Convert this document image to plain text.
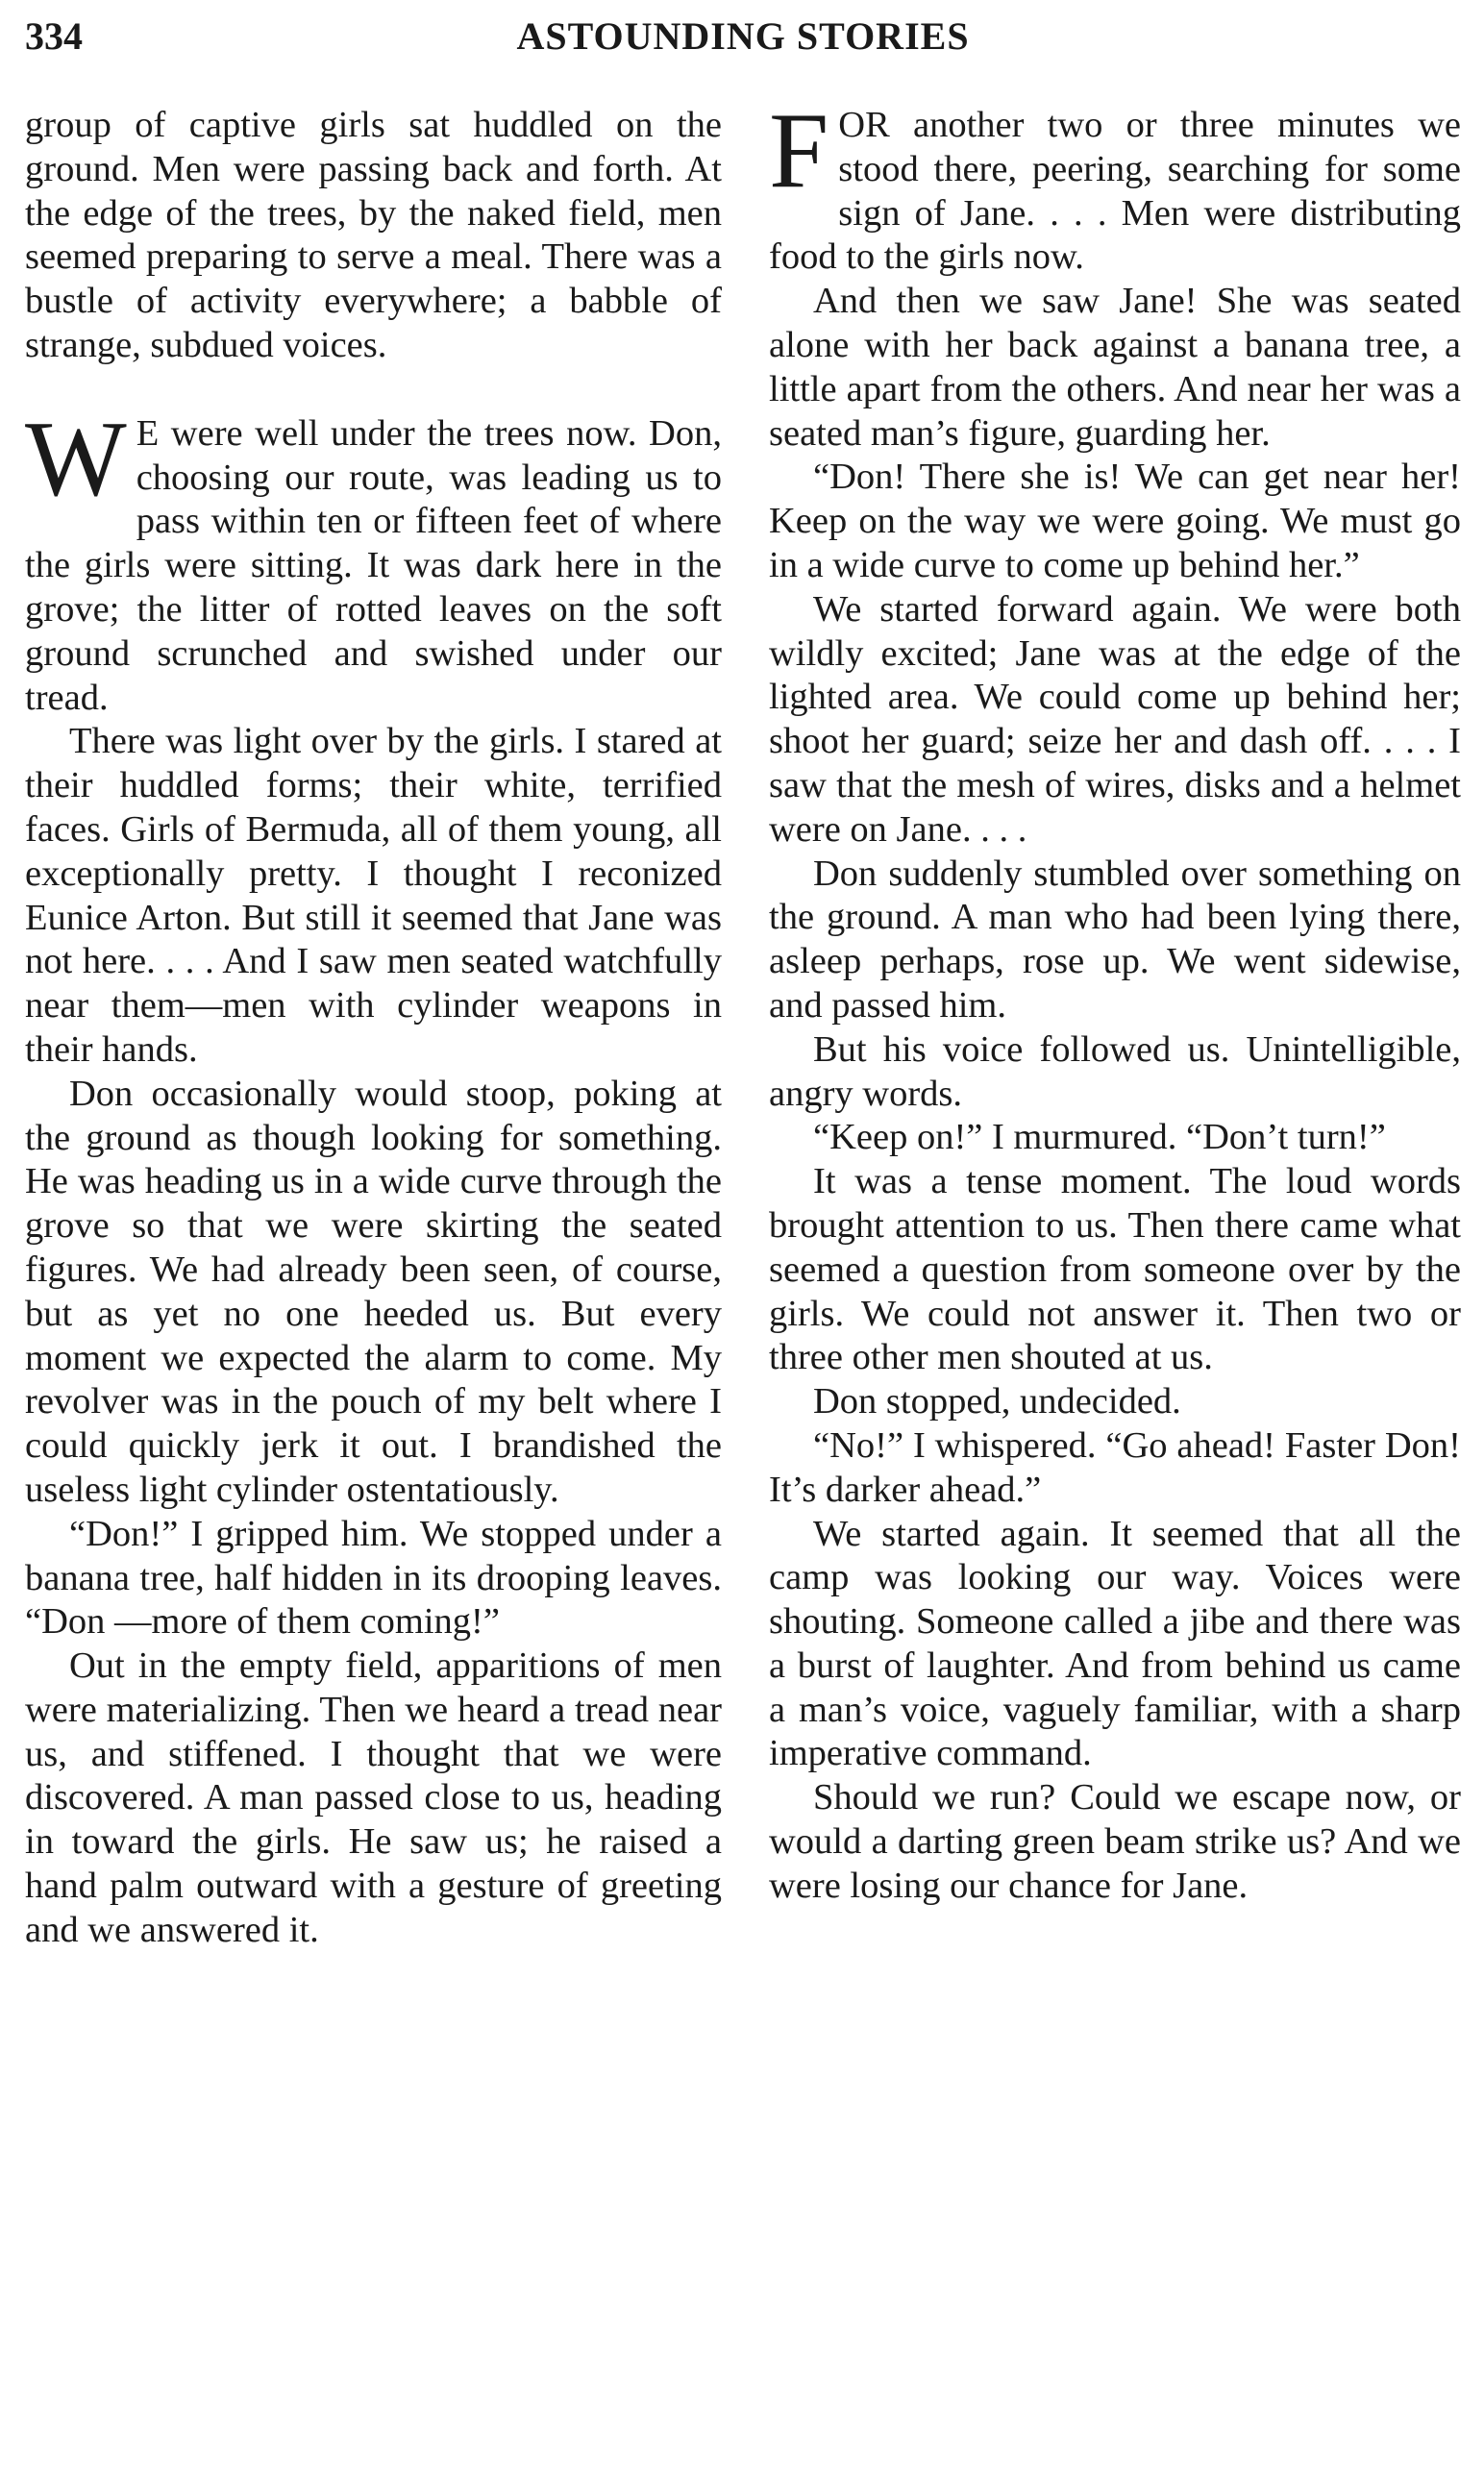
334	ASTOUNDING STORIES

group of captive girls sat huddled on the ground. Men were passing back and forth. At the edge of the trees, by the naked field, men seemed preparing to serve a meal. There was a bustle of activity everywhere; a babble of strange, subdued voices.

W E were well under the trees now. Don, choosing our route, was leading us to pass within ten or fifteen feet of where the girls were sitting. It was dark here in the grove; the litter of rotted leaves on the soft ground scrunched and swished under our tread.

There was light over by the girls. I stared at their huddled forms; their white, terrified faces. Girls of Bermuda, all of them young, all exceptionally pretty. I thought I reconized Eunice Arton. But still it seemed that Jane was not here. . . . And I saw men seated watchfully near them—men with cylinder weapons in their hands.

Don occasionally would stoop, poking at the ground as though looking for something. He was heading us in a wide curve through the grove so that we were skirting the seated figures. We had already been seen, of course, but as yet no one heeded us. But every moment we expected the alarm to come. My revolver was in the pouch of my belt where I could quickly jerk it out. I brandished the useless light cylinder ostentatiously.

“Don!” I gripped him. We stopped under a banana tree, half hidden in its drooping leaves. “Don —more of them coming!”

Out in the empty field, apparitions of men were materializing. Then we heard a tread near us, and stiffened. I thought that we were discovered. A man passed close to us, heading in toward the girls. He saw us; he raised a hand palm outward with a gesture of greeting and we answered it.

FOR another two or three minutes we stood there, peering, searching for some sign of Jane. . . . Men were distributing food to the girls now.

And then we saw Jane! She was seated alone with her back against a banana tree, a little apart from the others. And near her was a seated man’s figure, guarding her.

“Don! There she is! We can get near her! Keep on the way we were going. We must go in a wide curve to come up behind her.”

We started forward again. We were both wildly excited; Jane was at the edge of the lighted area. We could come up behind her; shoot her guard; seize her and dash off. . . . I saw that the mesh of wires, disks and a helmet were on Jane. . . .

Don suddenly stumbled over something on the ground. A man who had been lying there, asleep perhaps, rose up. We went sidewise, and passed him.

But his voice followed us. Unintelligible, angry words.

“Keep on!” I murmured. “Don’t turn!”

It was a tense moment. The loud words brought attention to us. Then there came what seemed a question from someone over by the girls. We could not answer it. Then two or three other men shouted at us.

Don stopped, undecided.

“No!” I whispered. “Go ahead! Faster Don! It’s darker ahead.”

We started again. It seemed that all the camp was looking our way. Voices were shouting. Someone called a jibe and there was a burst of laughter. And from behind us came a man’s voice, vaguely familiar, with a sharp imperative command.

Should we run? Could we escape now, or would a darting green beam strike us? And we were losing our chance for Jane.
